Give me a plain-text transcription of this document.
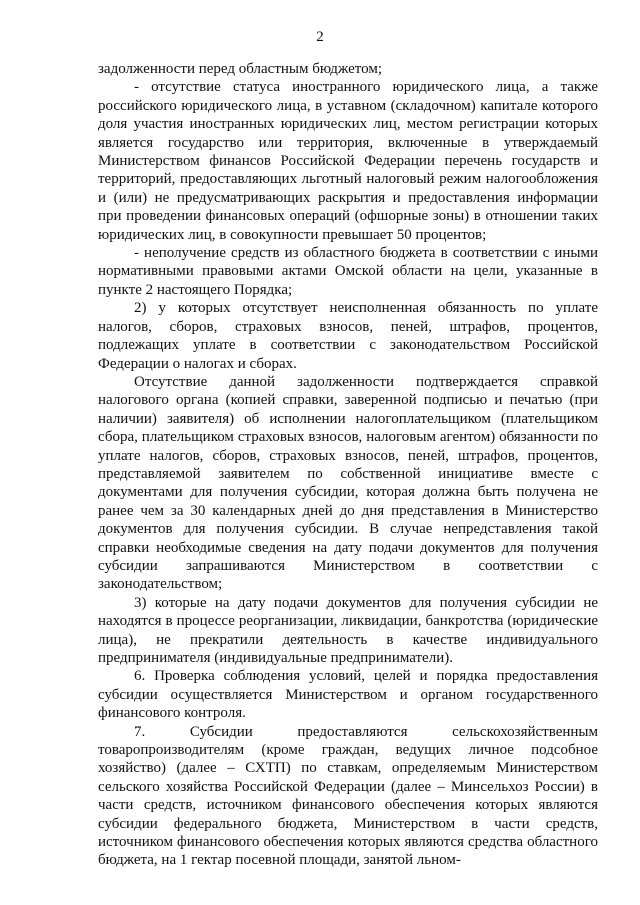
2

задолженности перед областным бюджетом;

- отсутствие статуса иностранного юридического лица, а также российского юридического лица, в уставном (складочном) капитале которого доля участия иностранных юридических лиц, местом регистрации которых является государство или территория, включенные в утверждаемый Министерством финансов Российской Федерации перечень государств и территорий, предоставляющих льготный налоговый режим налогообложения и (или) не предусматривающих раскрытия и предоставления информации при проведении финансовых операций (офшорные зоны) в отношении таких юридических лиц, в совокупности превышает 50 процентов;

- неполучение средств из областного бюджета в соответствии с иными нормативными правовыми актами Омской области на цели, указанные в пункте 2 настоящего Порядка;

2) у которых отсутствует неисполненная обязанность по уплате налогов, сборов, страховых взносов, пеней, штрафов, процентов, подлежащих уплате в соответствии с законодательством Российской Федерации о налогах и сборах.

Отсутствие данной задолженности подтверждается справкой налогового органа (копией справки, заверенной подписью и печатью (при наличии) заявителя) об исполнении налогоплательщиком (плательщиком сбора, плательщиком страховых взносов, налоговым агентом) обязанности по уплате налогов, сборов, страховых взносов, пеней, штрафов, процентов, представляемой заявителем по собственной инициативе вместе с документами для получения субсидии, которая должна быть получена не ранее чем за 30 календарных дней до дня представления в Министерство документов для получения субсидии. В случае непредставления такой справки необходимые сведения на дату подачи документов для получения субсидии запрашиваются Министерством в соответствии с законодательством;

3) которые на дату подачи документов для получения субсидии не находятся в процессе реорганизации, ликвидации, банкротства (юридические лица), не прекратили деятельность в качестве индивидуального предпринимателя (индивидуальные предприниматели).

6. Проверка соблюдения условий, целей и порядка предоставления субсидии осуществляется Министерством и органом государственного финансового контроля.

7. Субсидии предоставляются сельскохозяйственным товаропроизводителям (кроме граждан, ведущих личное подсобное хозяйство) (далее – СХТП) по ставкам, определяемым Министерством сельского хозяйства Российской Федерации (далее – Минсельхоз России) в части средств, источником финансового обеспечения которых являются субсидии федерального бюджета, Министерством в части средств, источником финансового обеспечения которых являются средства областного бюджета, на 1 гектар посевной площади, занятой льном-
